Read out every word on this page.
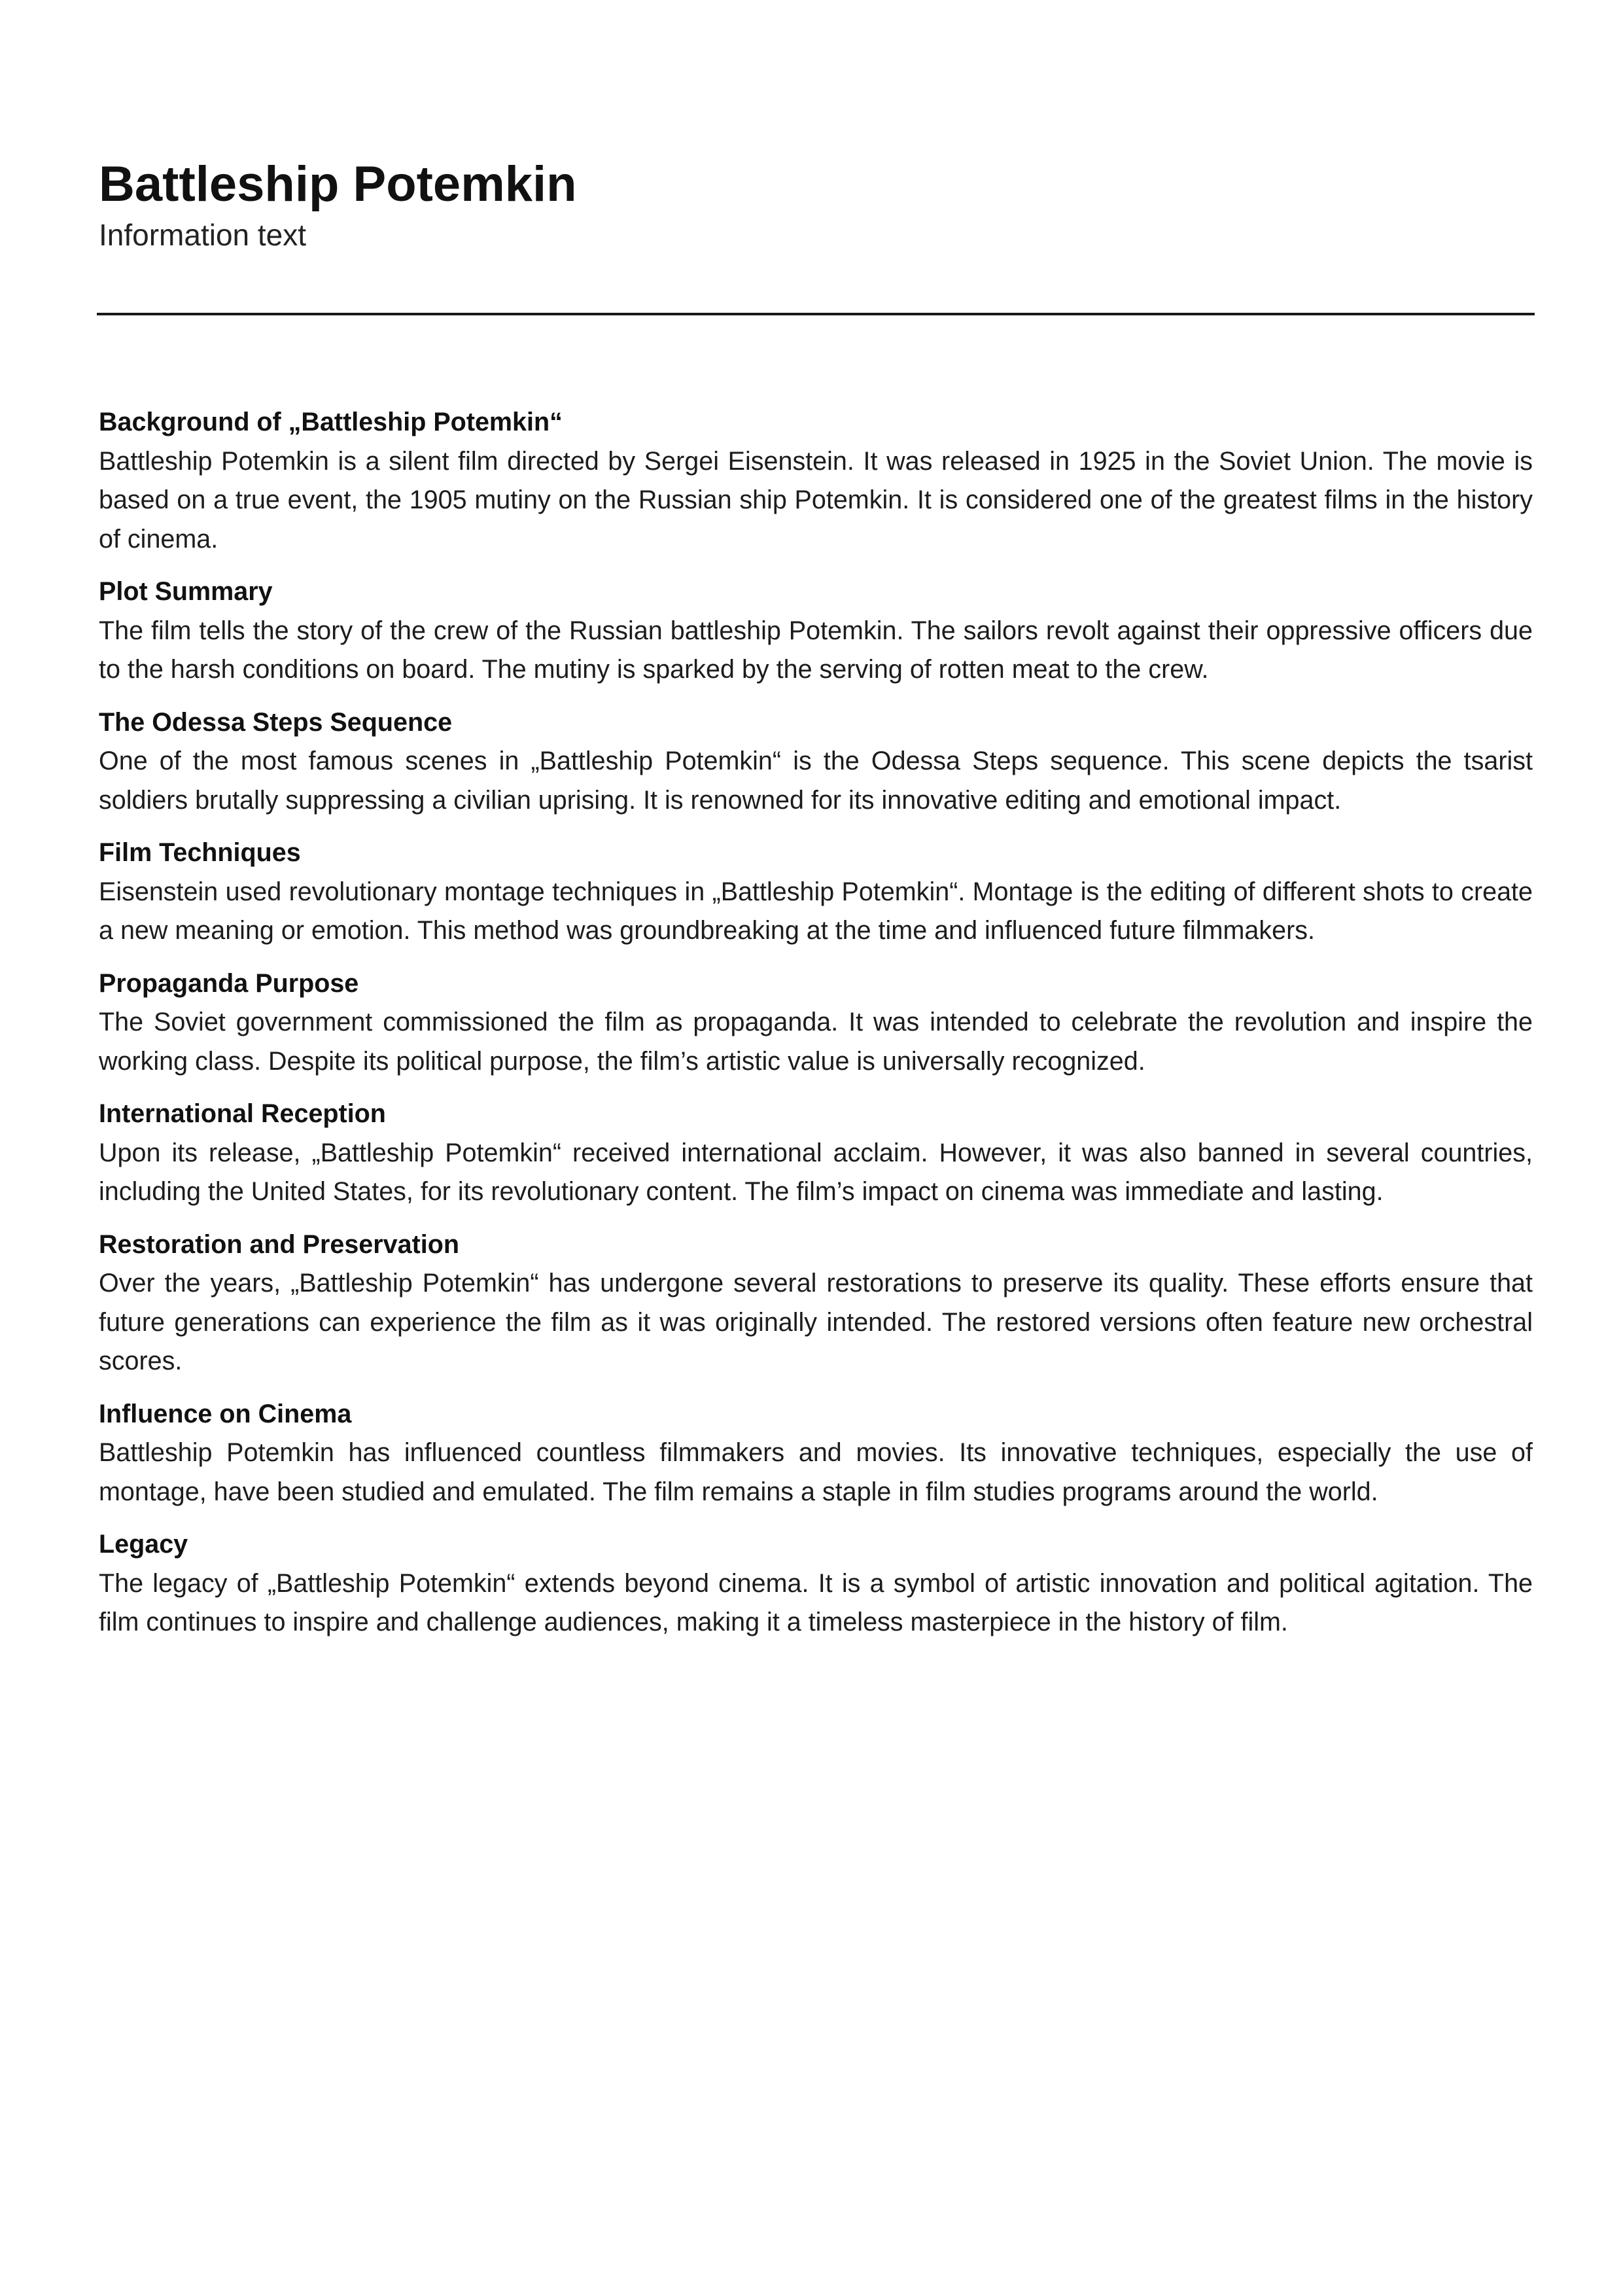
Battleship Potemkin

Information text

Background of „Battleship Potemkin“

Battleship Potemkin is a silent film directed by Sergei Eisenstein. It was released in 1925 in the Soviet Union. The movie is based on a true event, the 1905 mutiny on the Russian ship Potemkin. It is considered one of the greatest films in the history of cinema.

Plot Summary

The film tells the story of the crew of the Russian battleship Potemkin. The sailors revolt against their oppressive officers due to the harsh conditions on board. The mutiny is sparked by the serving of rotten meat to the crew.

The Odessa Steps Sequence

One of the most famous scenes in „Battleship Potemkin“ is the Odessa Steps sequence. This scene depicts the tsarist soldiers brutally suppressing a civilian uprising. It is renowned for its innovative editing and emotional impact.

Film Techniques

Eisenstein used revolutionary montage techniques in „Battleship Potemkin“. Montage is the editing of different shots to create a new meaning or emotion. This method was groundbreaking at the time and influenced future filmmakers.

Propaganda Purpose

The Soviet government commissioned the film as propaganda. It was intended to celebrate the revolution and inspire the working class. Despite its political purpose, the film’s artistic value is universally recognized.

International Reception

Upon its release, „Battleship Potemkin“ received international acclaim. However, it was also banned in several countries, including the United States, for its revolutionary content. The film’s impact on cinema was immediate and lasting.

Restoration and Preservation

Over the years, „Battleship Potemkin“ has undergone several restorations to preserve its quality. These efforts ensure that future generations can experience the film as it was originally intended. The restored versions often feature new orchestral scores.

Influence on Cinema

Battleship Potemkin has influenced countless filmmakers and movies. Its innovative techniques, especially the use of montage, have been studied and emulated. The film remains a staple in film studies programs around the world.

Legacy

The legacy of „Battleship Potemkin“ extends beyond cinema. It is a symbol of artistic innovation and political agitation. The film continues to inspire and challenge audiences, making it a timeless masterpiece in the history of film.
